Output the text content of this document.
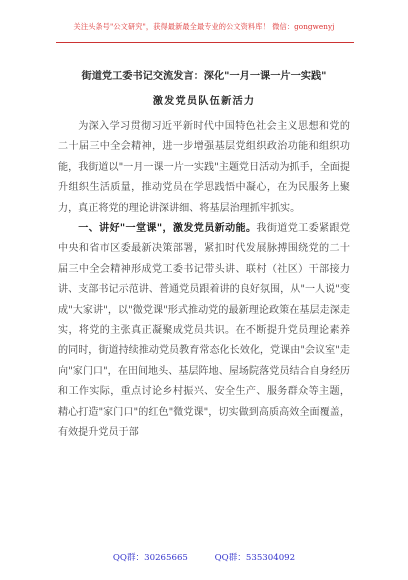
关注头条号"公文研究"，获得最新最全最专业的公文资料库！ 微信：gongwenyj
街道党工委书记交流发言：深化"一月一课一片一实践"
激发党员队伍新活力

为深入学习贯彻习近平新时代中国特色社会主义思想和党的二十届三中全会精神，进一步增强基层党组织政治功能和组织功能，我街道以"一月一课一片一实践"主题党日活动为抓手，全面提升组织生活质量，推动党员在学思践悟中凝心，在为民服务上聚力，真正将党的理论讲深讲细、将基层治理抓牢抓实。

一、讲好"一堂课"，激发党员新动能。我街道党工委紧跟党中央和省市区委最新决策部署，紧扣时代发展脉搏围绕党的二十届三中全会精神形成党工委书记带头讲、联村（社区）干部接力讲、支部书记示范讲、普通党员跟着讲的良好氛围，从"一人说"变成"大家讲"，以"微党课"形式推动党的最新理论政策在基层走深走实，将党的主张真正凝聚成党员共识。在不断提升党员理论素养的同时，街道持续推动党员教育常态化长效化，党课由"会议室"走向"家门口"，在田间地头、基层阵地、屋场院落党员结合自身经历和工作实际，重点讨论乡村振兴、安全生产、服务群众等主题，精心打造"家门口"的红色"微党课"，切实做到高质高效全面覆盖，有效提升党员于部

QQ群：30265665	QQ群：535304092
